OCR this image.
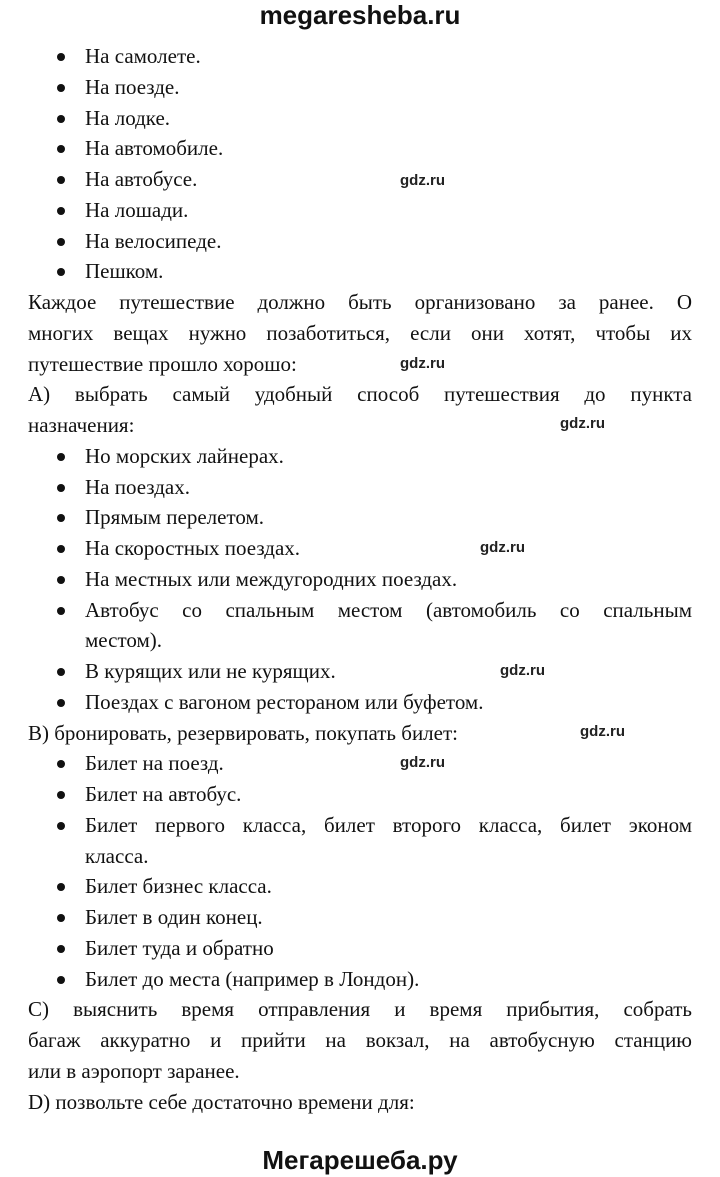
megaresheba.ru
На самолете.
На поезде.
На лодке.
На автомобиле.
На автобусе.
На лошади.
На велосипеде.
Пешком.
Каждое путешествие должно быть организовано за ранее. О
многих вещах нужно позаботиться, если они хотят, чтобы их
путешествие прошло хорошо:
A) выбрать самый удобный способ путешествия до пункта
назначения:
Но морских лайнерах.
На поездах.
Прямым перелетом.
На скоростных поездах.
На местных или междугородних поездах.
Автобус со спальным местом (автомобиль со спальным
местом).
В курящих или не курящих.
Поездах с вагоном рестораном или буфетом.
B) бронировать, резервировать, покупать билет:
Билет на поезд.
Билет на автобус.
Билет первого класса, билет второго класса, билет эконом
класса.
Билет бизнес класса.
Билет в один конец.
Билет туда и обратно
Билет до места (например в Лондон).
C) выяснить время отправления и время прибытия, собрать
багаж аккуратно и прийти на вокзал, на автобусную станцию
или в аэропорт заранее.
D) позвольте себе достаточно времени для:
gdz.ru
gdz.ru
gdz.ru
gdz.ru
gdz.ru
gdz.ru
gdz.ru
Мегарешеба.ру
